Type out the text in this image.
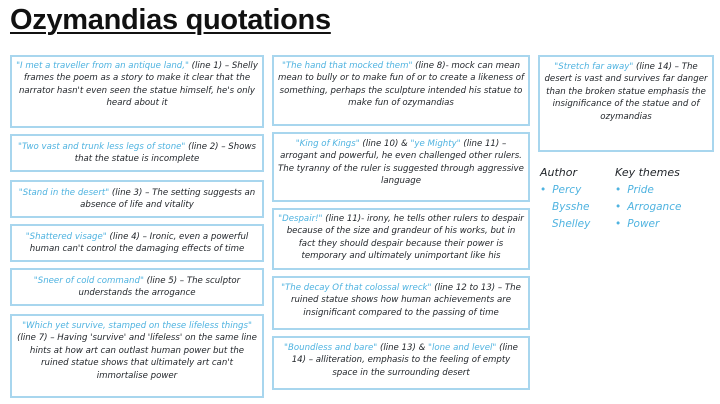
Ozymandias quotations
"I met a traveller from an antique land," (line 1) – Shelly frames the poem as a story to make it clear that the narrator hasn't even seen the statue himself, he's only heard about it
"Two vast and trunk less legs of stone" (line 2) – Shows that the statue is incomplete
"Stand in the desert" (line 3) – The setting suggests an absence of life and vitality
"Shattered visage" (line 4) – Ironic, even a powerful human can't control the damaging effects of time
"Sneer of cold command" (line 5) – The sculptor understands the arrogance
"Which yet survive, stamped on these lifeless things" (line 7) – Having 'survive' and 'lifeless' on the same line hints at how art can outlast human power but the ruined statue shows that ultimately art can't immortalise power
"The hand that mocked them" (line 8)- mock can mean mean to bully or to make fun of or to create a likeness of something, perhaps the sculpture intended his statue to make fun of ozymandias
"King of Kings" (line 10) & "ye Mighty" (line 11) – arrogant and powerful, he even challenged other rulers. The tyranny of the ruler is suggested through aggressive language
"Despair!" (line 11)- irony, he tells other rulers to despair because of the size and grandeur of his works, but in fact they should despair because their power is temporary and ultimately unimportant like his
"The decay Of that colossal wreck" (line 12 to 13) – The ruined statue shows how human achievements are insignificant compared to the passing of time
"Boundless and bare" (line 13) & "lone and level" (line 14) – alliteration, emphasis to the feeling of empty space in the surrounding desert
"Stretch far away" (line 14) – The desert is vast and survives far danger than the broken statue emphasis the insignificance of the statue and of ozymandias
Author
• Percy
Bysshe
Shelley
Key themes
• Pride
• Arrogance
• Power
